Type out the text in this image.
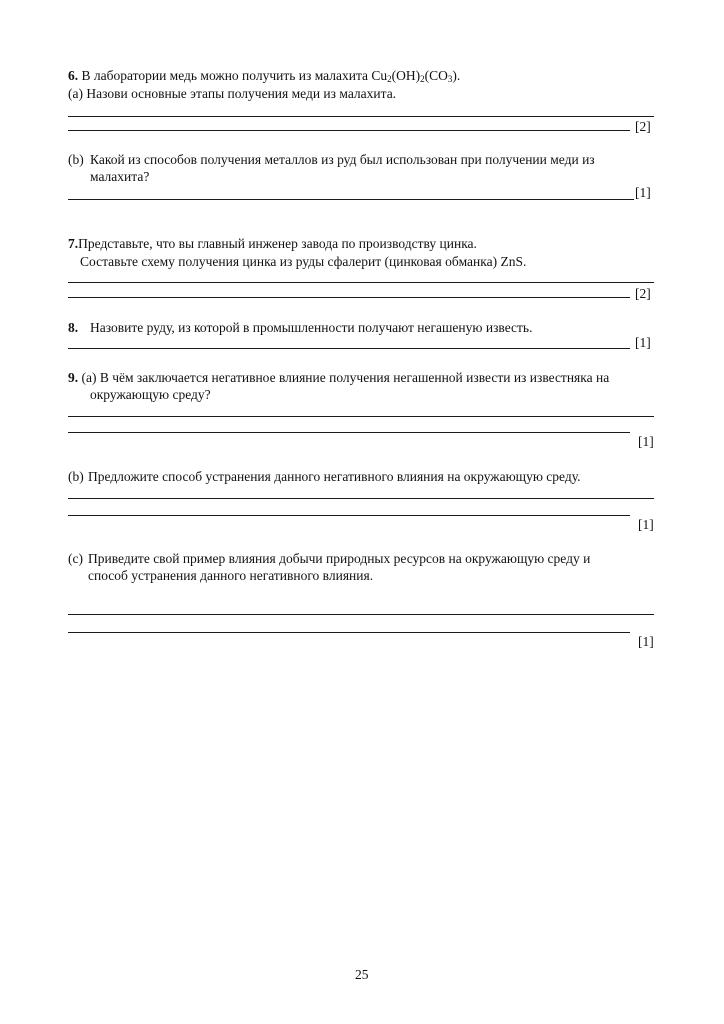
6. В лаборатории медь можно получить из малахита $Cu_2(OH)_2(CO_3)$.
(a) Назови основные этапы получения меди из малахита.
[2]
(b) Какой из способов получения металлов из руд был использован при получении меди из
малахита?
[1]
7.Представьте, что вы главный инженер завода по производству цинка.
Составьте схему получения цинка из руды сфалерит (цинковая обманка) ZnS.
[2]
8. Назовите руду, из которой в промышленности получают негашеную известь.
[1]
9. (a) В чём заключается негативное влияние получения негашенной извести из известняка на
окружающую среду?
[1]
(b) Предложите способ устранения данного негативного влияния на окружающую среду.
[1]
(c) Приведите свой пример влияния добычи природных ресурсов на окружающую среду и
способ устранения данного негативного влияния.
[1]
25
